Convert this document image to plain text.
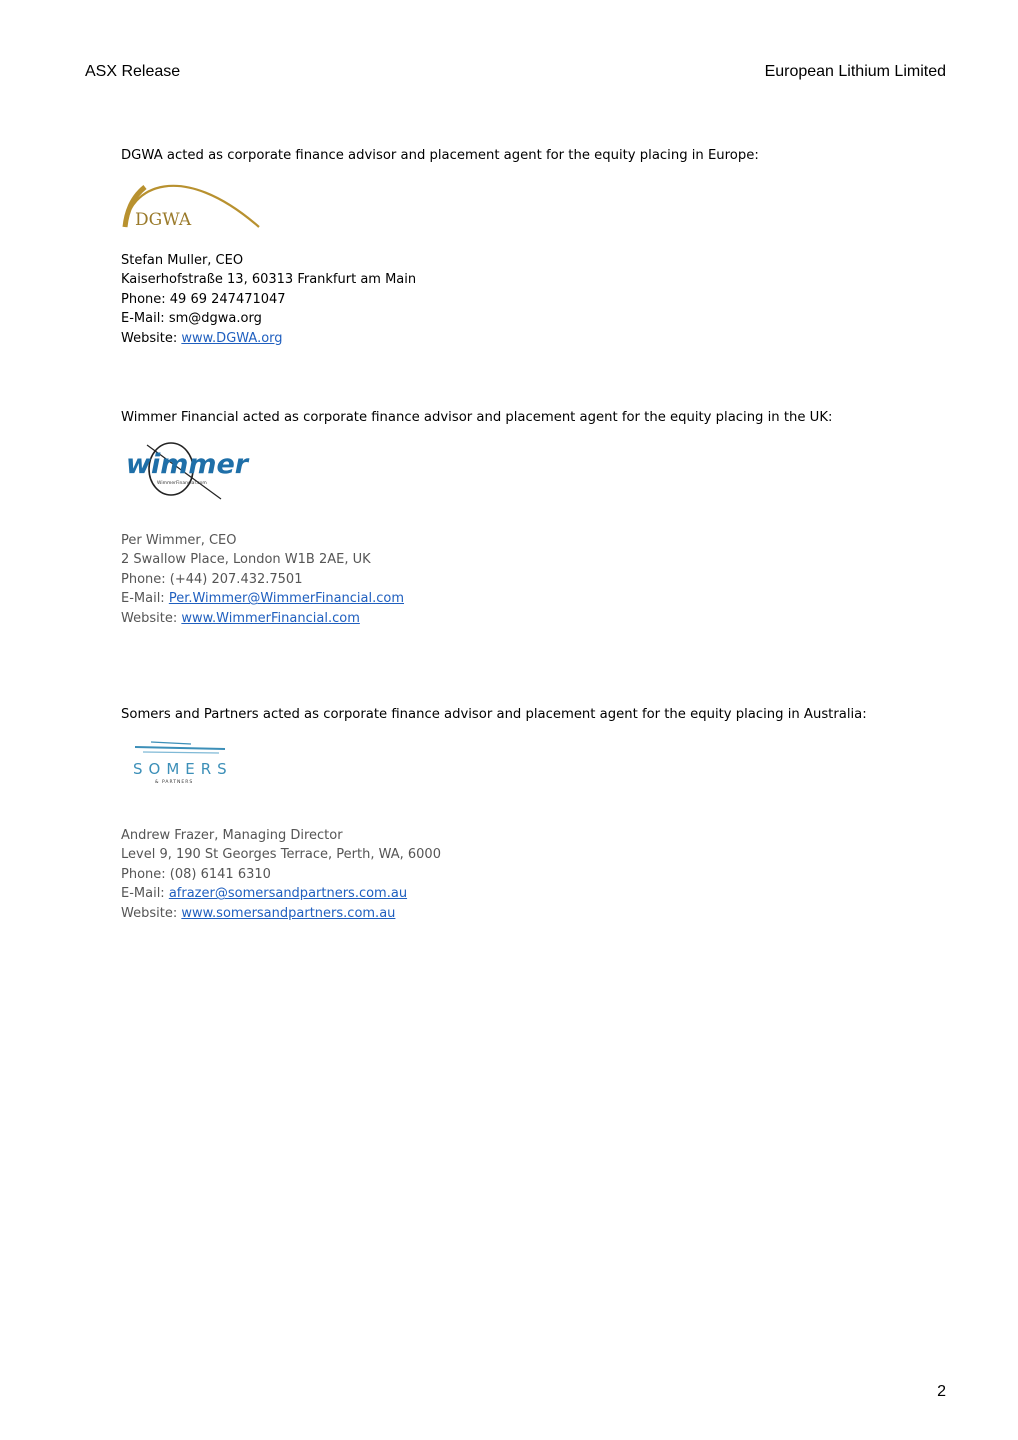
ASX Release	European Lithium Limited

DGWA acted as corporate finance advisor and placement agent for the equity placing in Europe:

DGWA
Stefan Muller, CEO
Kaiserhofstraße 13, 60313 Frankfurt am Main
Phone: 49 69 247471047
E-Mail: sm@dgwa.org
Website: www.DGWA.org

Wimmer Financial acted as corporate finance advisor and placement agent for the equity placing in the UK:

wimmer
WimmerFinancial.com
Per Wimmer, CEO
2 Swallow Place, London W1B 2AE, UK
Phone: (+44) 207.432.7501
E-Mail: Per.Wimmer@WimmerFinancial.com
Website: www.WimmerFinancial.com

Somers and Partners acted as corporate finance advisor and placement agent for the equity placing in Australia:

SOMERS
& PARTNERS
Andrew Frazer, Managing Director
Level 9, 190 St Georges Terrace, Perth, WA, 6000
Phone: (08) 6141 6310
E-Mail: afrazer@somersandpartners.com.au
Website: www.somersandpartners.com.au
2
